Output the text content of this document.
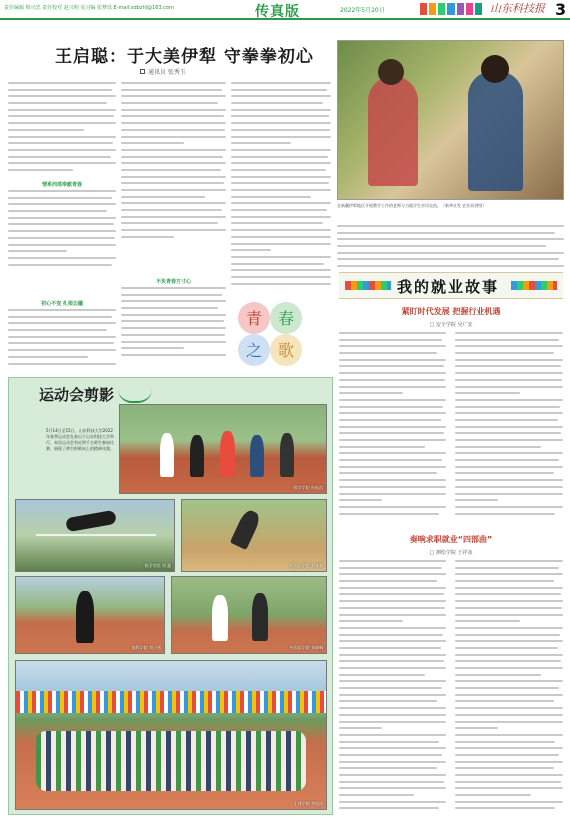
责任编辑 韩兴忠 责任校对 赵兴明 实习编 张梦瑶 E-mail:sdbzhl@163.com	传真版	2022年5月20日	山东科技报 3
王启聪：于大美伊犁 守拳拳初心
通讯员 张秀玉
情系西部奉献青春
初心不变 扎根边疆
不负青春方寸心
在新疆伊犁地区开展教学工作的老师与当地学生亲切交流。（新华社发 农业局供图）
青 春
之 歌
我的就业故事
紧盯时代发展 把握行业机遇
□ 安全学院 吴广安
奏响求职就业“四部曲”
□ 测绘学院 王祥冰
运动会剪影
5月14日至15日，山东科技大学2022年春季运动会在泰山下山东科技大学举行，本次运动会有近两千名师生参加比赛，展现了师生积极向上的精神风貌。
数学学院 孙振浩
数学学院 刘 鑫	外国语学院 刘雅琳
地科学院 刘子函	外国语学院 刘晓琳
土建学院 李国清
